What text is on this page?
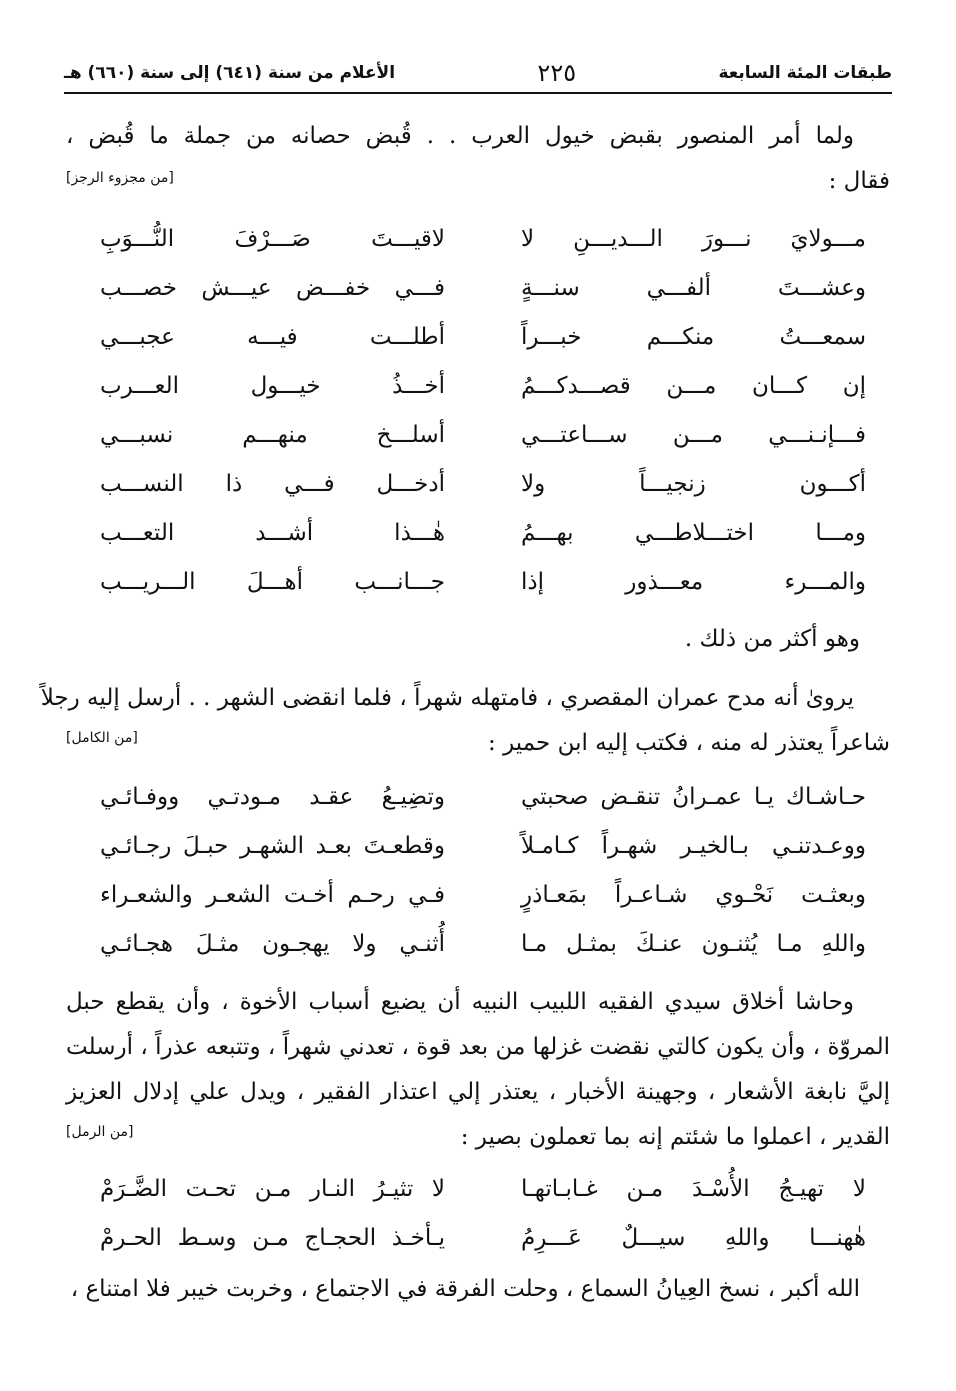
طبقات المئة السابعة
٢٢٥
الأعلام من سنة (٦٤١) إلى سنة (٦٦٠) هـ
ولما أمر المنصور بقبض خيول العرب . . قُبض حصانه من جملة ما قُبض ،
فقال :
[من مجزوء الرجز]
مـــولايَ نـــورَ الـــديـــنِ لا
لاقيـــتَ صَـــرْفَ النُّـــوَبِ
وعشـــتَ ألفـــي سنـــةٍ
فـــي خفـــض عيـــش خصـــب
سمعـــتُ منكـــم خبـــراً
أطلـــت فيـــه عجبـــي
إن كـــان مـــن قصـــدكـــمُ
أخـــذُ خيـــول العـــرب
فـــإنـنـــي مـــن ســـاعتـــي
أسلـــخ منهـــم نسبـــي
أكـــون زنجيـــاً ولا
أدخـــل فـــي ذا النســـب
ومـــا اختـــلاطـــي بهـــمُ
هٰـــذا أشـــد التعـــب
والمـــرء معـــذور إذا
جـــانـــب أهـــلَ الـــريـــب
وهو أكثر من ذلك .
يروىٰ أنه مدح عمران المقصري ، فامتهله شهراً ، فلما انقضى الشهر . . أرسل إليه رجلاً
شاعراً يعتذر له منه ، فكتب إليه ابن حمير :
[من الكامل]
حـاشـاك يـا عمـرانُ تنقـض صحبتي
وتضِيـعُ عقـد مـودتـي ووفـائـي
ووعـدتنـي بـالخيـر شهـراً كـامـلاً
وقطعـتَ بعـد الشهـر حبـلَ رجـائـي
وبعثـت نَحْـوي شـاعـراً بمَعـاذرٍ
فـي رحـم أخـت الشعـر والشعـراء
واللهِ مـا يُثنـون عنـكَ بمثـل مـا
أُثنـي ولا يهجـون مثـلَ هجـائـي
وحاشا أخلاق سيدي الفقيه اللبيب النبيه أن يضيع أسباب الأخوة ، وأن يقطع حبل
المروّة ، وأن يكون كالتي نقضت غزلها من بعد قوة ، تعدني شهراً ، وتتبعه عذراً ، أرسلت
إليَّ نابغة الأشعار ، وجهينة الأخبار ، يعتذر إلي اعتذار الفقير ، ويدل علي إدلال العزيز
القدير ، اعملوا ما شئتم إنه بما تعملون بصير :
[من الرمل]
لا تهيـجُ الأُسْـدَ مـن غـابـاتهـا
لا تثيـرُ النـار مـن تحـت الضَّـرَمْ
هٰهنـــا واللهِ سيـــلٌ عَـــرِمُ
يـأخـذ الحجـاج مـن وسـط الحـرمْ
الله أكبر ، نسخ العِيانُ السماع ، وحلت الفرقة في الاجتماع ، وخربت خيبر فلا امتناع ،
